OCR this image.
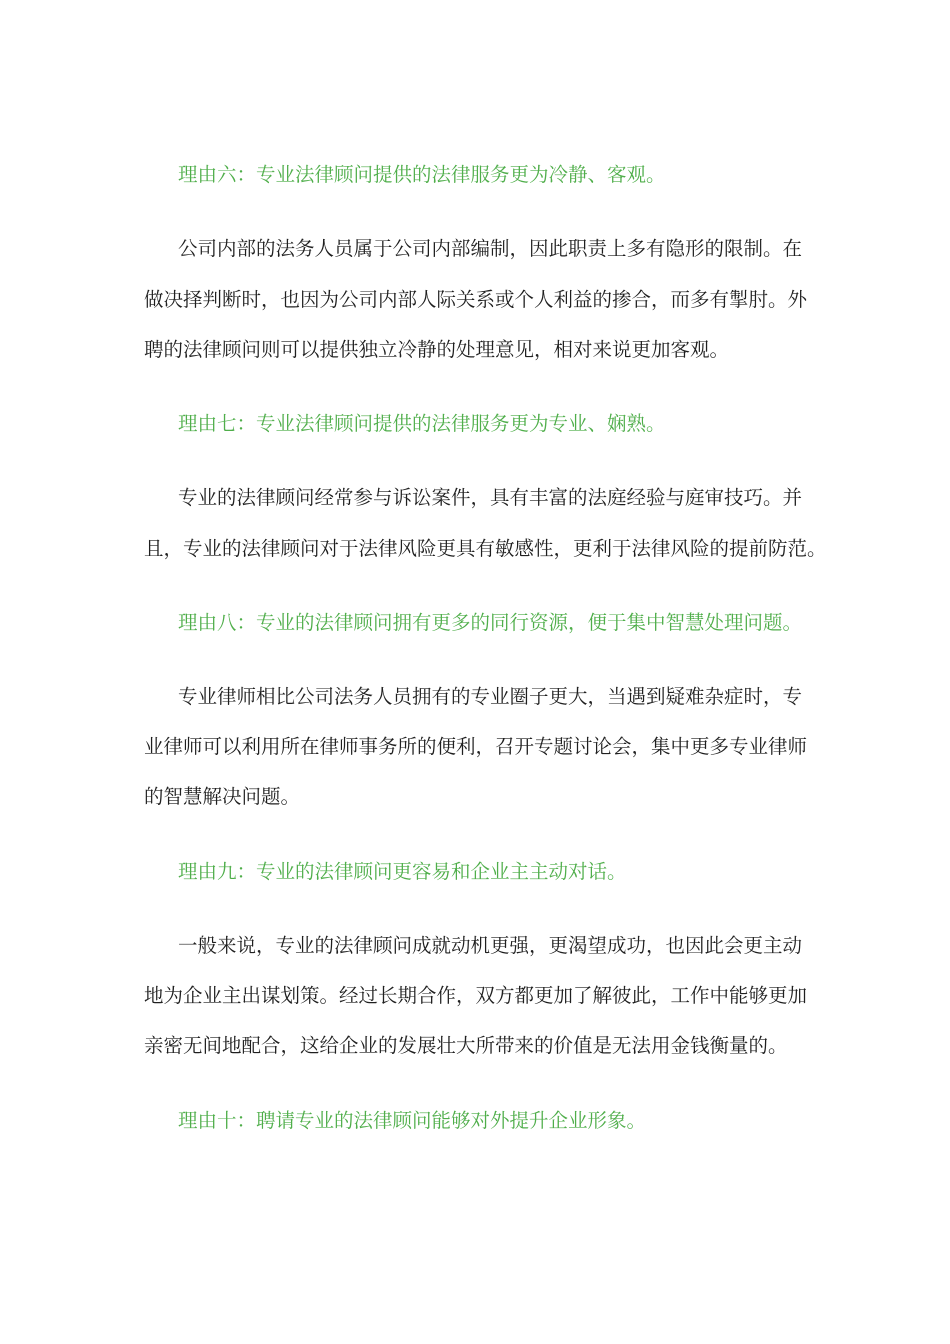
理由六：专业法律顾问提供的法律服务更为冷静、客观。
公司内部的法务人员属于公司内部编制，因此职责上多有隐形的限制。在
做决择判断时，也因为公司内部人际关系或个人利益的掺合，而多有掣肘。外
聘的法律顾问则可以提供独立冷静的处理意见，相对来说更加客观。
理由七：专业法律顾问提供的法律服务更为专业、娴熟。
专业的法律顾问经常参与诉讼案件，具有丰富的法庭经验与庭审技巧。并
且，专业的法律顾问对于法律风险更具有敏感性，更利于法律风险的提前防范。
理由八：专业的法律顾问拥有更多的同行资源，便于集中智慧处理问题。
专业律师相比公司法务人员拥有的专业圈子更大，当遇到疑难杂症时，专
业律师可以利用所在律师事务所的便利，召开专题讨论会，集中更多专业律师
的智慧解决问题。
理由九：专业的法律顾问更容易和企业主主动对话。
一般来说，专业的法律顾问成就动机更强，更渴望成功，也因此会更主动
地为企业主出谋划策。经过长期合作，双方都更加了解彼此，工作中能够更加
亲密无间地配合，这给企业的发展壮大所带来的价值是无法用金钱衡量的。
理由十：聘请专业的法律顾问能够对外提升企业形象。
